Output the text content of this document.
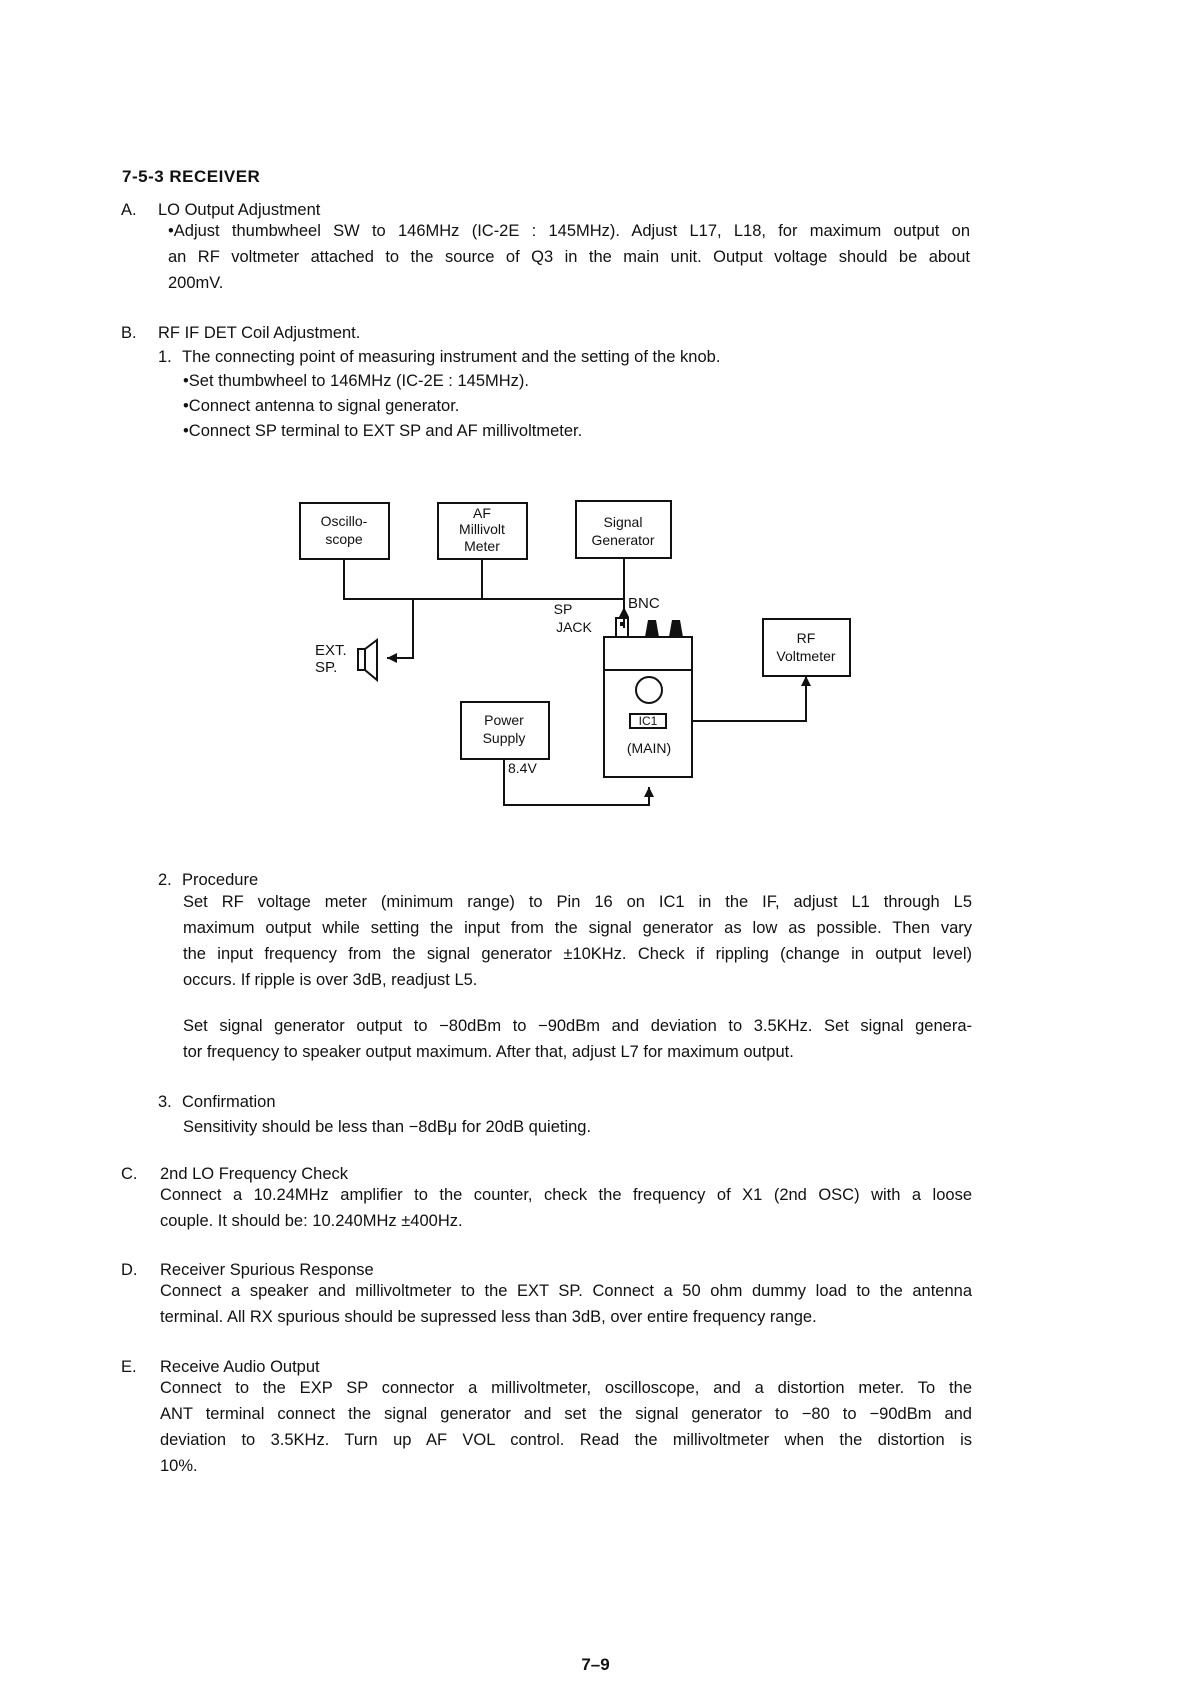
7-5-3 RECEIVER
A. LO Output Adjustment
•Adjust thumbwheel SW to 146MHz (IC-2E : 145MHz). Adjust L17, L18, for maximum output on
an RF voltmeter attached to the source of Q3 in the main unit. Output voltage should be about
200mV.
B. RF IF DET Coil Adjustment.
1. The connecting point of measuring instrument and the setting of the knob.
•Set thumbwheel to 146MHz (IC-2E : 145MHz).
•Connect antenna to signal generator.
•Connect SP terminal to EXT SP and AF millivoltmeter.
Oscillo-
scope
AF
Millivolt
Meter
Signal
Generator
RF
Voltmeter
Power
Supply
8.4V
BNC
SP
JACK
EXT.
SP.
IC1
(MAIN)
2. Procedure
Set RF voltage meter (minimum range) to Pin 16 on IC1 in the IF, adjust L1 through L5
maximum output while setting the input from the signal generator as low as possible. Then vary
the input frequency from the signal generator ±10KHz. Check if rippling (change in output level)
occurs. If ripple is over 3dB, readjust L5.
Set signal generator output to −80dBm to −90dBm and deviation to 3.5KHz. Set signal genera-
tor frequency to speaker output maximum. After that, adjust L7 for maximum output.
3. Confirmation
Sensitivity should be less than −8dBμ for 20dB quieting.
C. 2nd LO Frequency Check
Connect a 10.24MHz amplifier to the counter, check the frequency of X1 (2nd OSC) with a loose
couple. It should be: 10.240MHz ±400Hz.
D. Receiver Spurious Response
Connect a speaker and millivoltmeter to the EXT SP. Connect a 50 ohm dummy load to the antenna
terminal. All RX spurious should be supressed less than 3dB, over entire frequency range.
E. Receive Audio Output
Connect to the EXP SP connector a millivoltmeter, oscilloscope, and a distortion meter. To the
ANT terminal connect the signal generator and set the signal generator to −80 to −90dBm and
deviation to 3.5KHz. Turn up AF VOL control. Read the millivoltmeter when the distortion is
10%.
7–9
